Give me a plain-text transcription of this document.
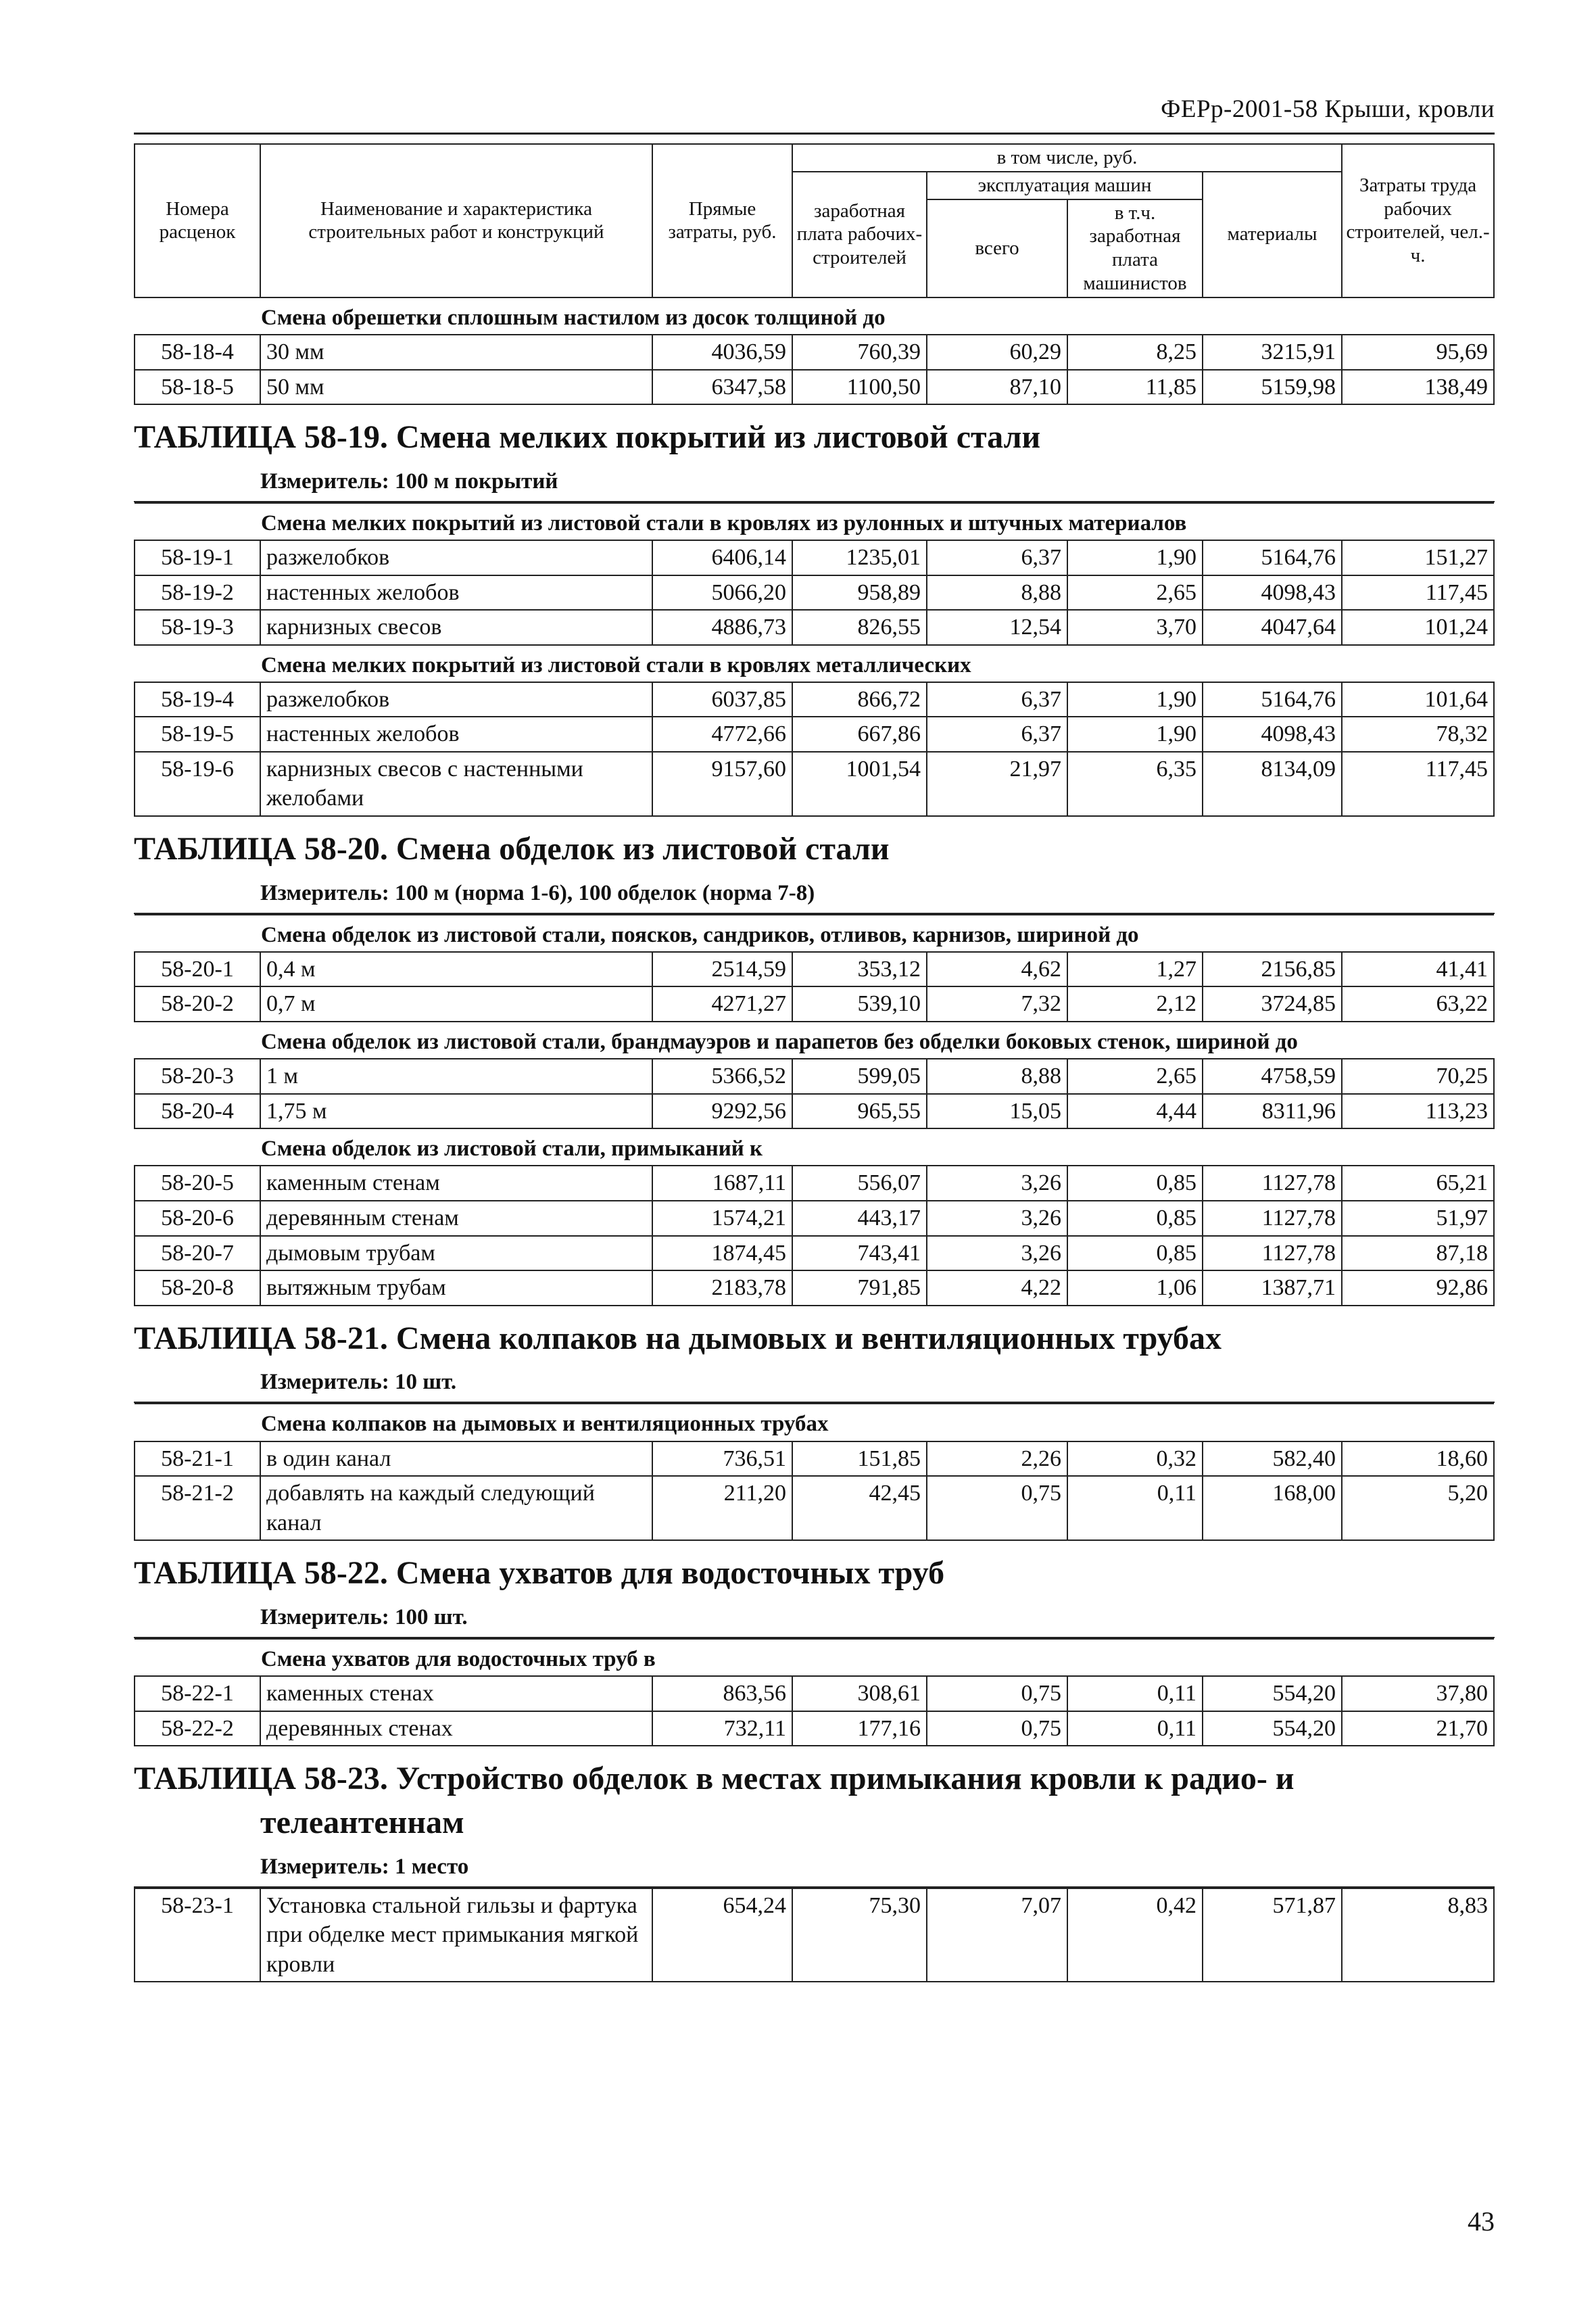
ФЕРр-2001-58 Крыши, кровли
Номера расценок	Наименование и характеристика строительных работ и конструкций	Прямые затраты, руб.	в том числе, руб.				Затраты труда рабочих строителей, чел.-ч.
			заработная плата рабочих-строителей	эксплуатация машин		материалы	
				всего	в т.ч. заработная плата машинистов		
Смена обрешетки сплошным настилом из досок толщиной до							
58-18-4	30 мм	4036,59	760,39	60,29	8,25	3215,91	95,69
58-18-5	50 мм	6347,58	1100,50	87,10	11,85	5159,98	138,49
ТАБЛИЦА 58-19. Смена мелких покрытий из листовой стали
Измеритель: 100 м покрытий
Смена мелких покрытий из листовой стали в кровлях из рулонных и штучных материалов							
58-19-1	разжелобков	6406,14	1235,01	6,37	1,90	5164,76	151,27
58-19-2	настенных желобов	5066,20	958,89	8,88	2,65	4098,43	117,45
58-19-3	карнизных свесов	4886,73	826,55	12,54	3,70	4047,64	101,24
Смена мелких покрытий из листовой стали в кровлях металлических							
58-19-4	разжелобков	6037,85	866,72	6,37	1,90	5164,76	101,64
58-19-5	настенных желобов	4772,66	667,86	6,37	1,90	4098,43	78,32
58-19-6	карнизных свесов с настенными желобами	9157,60	1001,54	21,97	6,35	8134,09	117,45
ТАБЛИЦА 58-20. Смена обделок из листовой стали
Измеритель: 100 м (норма 1-6), 100 обделок (норма 7-8)
Смена обделок из листовой стали, поясков, сандриков, отливов, карнизов, шириной до							
58-20-1	0,4 м	2514,59	353,12	4,62	1,27	2156,85	41,41
58-20-2	0,7 м	4271,27	539,10	7,32	2,12	3724,85	63,22
Смена обделок из листовой стали, брандмауэров и парапетов без обделки боковых стенок, шириной до							
58-20-3	1 м	5366,52	599,05	8,88	2,65	4758,59	70,25
58-20-4	1,75 м	9292,56	965,55	15,05	4,44	8311,96	113,23
Смена обделок из листовой стали, примыканий к							
58-20-5	каменным стенам	1687,11	556,07	3,26	0,85	1127,78	65,21
58-20-6	деревянным стенам	1574,21	443,17	3,26	0,85	1127,78	51,97
58-20-7	дымовым трубам	1874,45	743,41	3,26	0,85	1127,78	87,18
58-20-8	вытяжным трубам	2183,78	791,85	4,22	1,06	1387,71	92,86
ТАБЛИЦА 58-21. Смена колпаков на дымовых и вентиляционных трубах
Измеритель: 10 шт.
Смена колпаков на дымовых и вентиляционных трубах							
58-21-1	в один канал	736,51	151,85	2,26	0,32	582,40	18,60
58-21-2	добавлять на каждый следующий канал	211,20	42,45	0,75	0,11	168,00	5,20
ТАБЛИЦА 58-22. Смена ухватов для водосточных труб
Измеритель: 100 шт.
Смена ухватов для водосточных труб в							
58-22-1	каменных стенах	863,56	308,61	0,75	0,11	554,20	37,80
58-22-2	деревянных стенах	732,11	177,16	0,75	0,11	554,20	21,70
ТАБЛИЦА 58-23. Устройство обделок в местах примыкания кровли к радио- и
телеантеннам
Измеритель: 1 место
58-23-1	Установка стальной гильзы и фартука при обделке мест примыкания мягкой кровли	654,24	75,30	7,07	0,42	571,87	8,83
43
